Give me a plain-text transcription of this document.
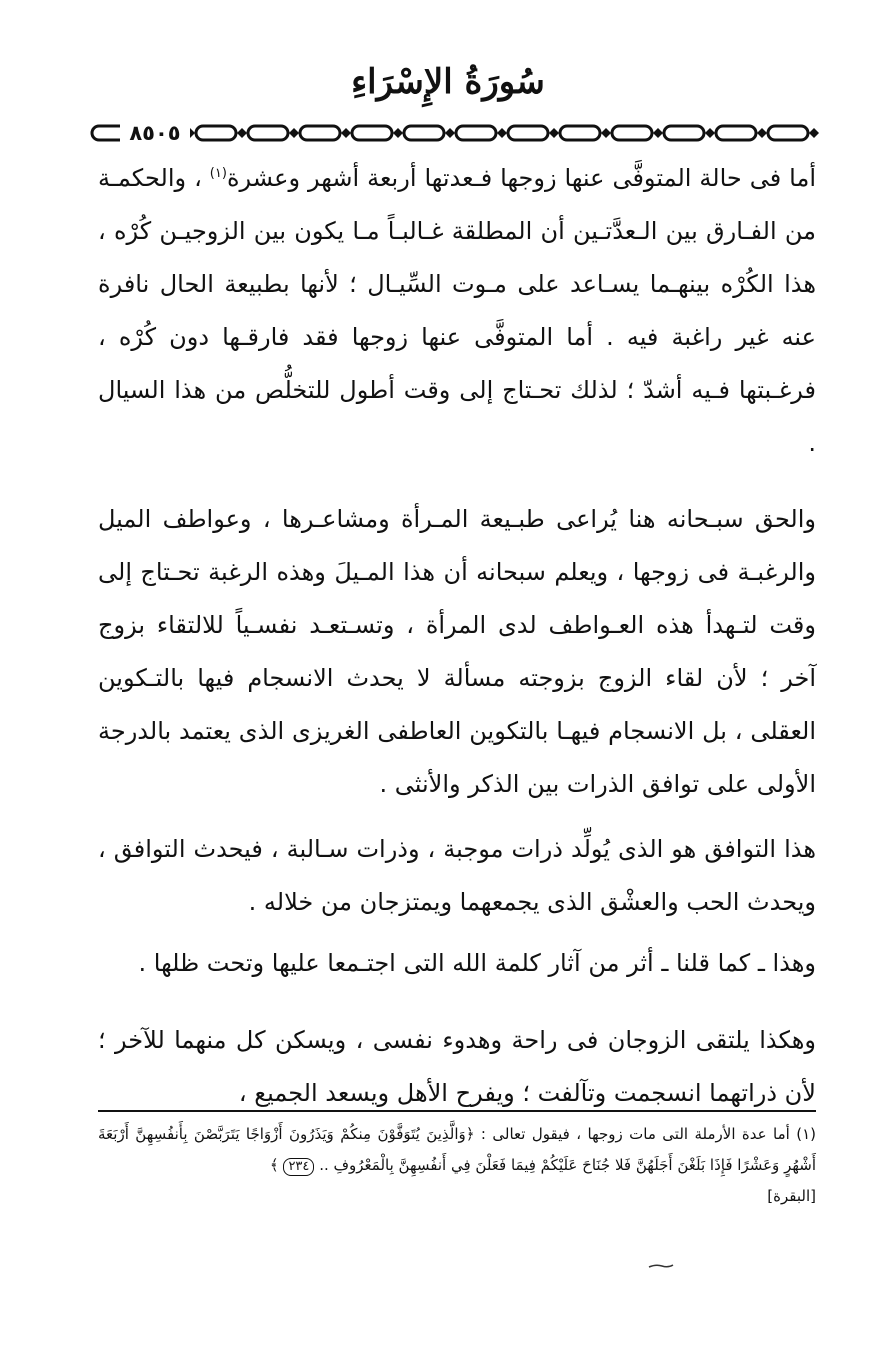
سُورَةُ الإِسْرَاءِ
٨٥٠٥

أما فى حالة المتوفَّى عنها زوجها فـعدتها أربعة أشهر وعشرة$^{(١)}$ ، والحكمـة من الفـارق بين الـعدَّتـين أن المطلقة غـالبـاً مـا يكون بين الزوجيـن كُرْه ، هذا الكُرْه بينهـما يسـاعد على مـوت السِّيـال ؛ لأنها بطبيعة الحال نافرة عنه غير راغبة فيه . أما المتوفَّى عنها زوجها فقد فارقـها دون كُرْه ، فرغـبتها فـيه أشدّ ؛ لذلك تحـتاج إلى وقت أطول للتخلُّص من هذا السيال .

والحق سبـحانه هنا يُراعى طبـيعة المـرأة ومشاعـرها ، وعواطف الميل والرغبـة فى زوجها ، ويعلم سبحانه أن هذا المـيلَ وهذه الرغبة تحـتاج إلى وقت لتـهدأ هذه العـواطف لدى المرأة ، وتسـتعـد نفسـياً للالتقاء بزوج آخر ؛ لأن لقاء الزوج بزوجته مسألة لا يحدث الانسجام فيها بالتـكوين العقلى ، بل الانسجام فيهـا بالتكوين العاطفى الغريزى الذى يعتمد بالدرجة الأولى على توافق الذرات بين الذكر والأنثى .

هذا التوافق هو الذى يُولِّد ذرات موجبة ، وذرات سـالبة ، فيحدث التوافق ، ويحدث الحب والعشْق الذى يجمعهما ويمتزجان من خلاله .

وهذا ـ كما قلنا ـ أثر من آثار كلمة الله التى اجتـمعا عليها وتحت ظلها .

وهكذا يلتقى الزوجان فى راحة وهدوء نفسى ، ويسكن كل منهما للآخر ؛ لأن ذراتهما انسجمت وتآلفت ؛ ويفرح الأهل ويسعد الجميع ،

(١) أما عدة الأرملة التى مات زوجها ، فيقول تعالى : ﴿وَالَّذِينَ يُتَوَفَّوْنَ مِنكُمْ وَيَذَرُونَ أَزْوَاجًا يَتَرَبَّصْنَ بِأَنفُسِهِنَّ أَرْبَعَةَ أَشْهُرٍ وَعَشْرًا فَإِذَا بَلَغْنَ أَجَلَهُنَّ فَلا جُنَاحَ عَلَيْكُمْ فِيمَا فَعَلْنَ فِي أَنفُسِهِنَّ بِالْمَعْرُوفِ .. ٢٣٤ ﴾
[البقرة]
